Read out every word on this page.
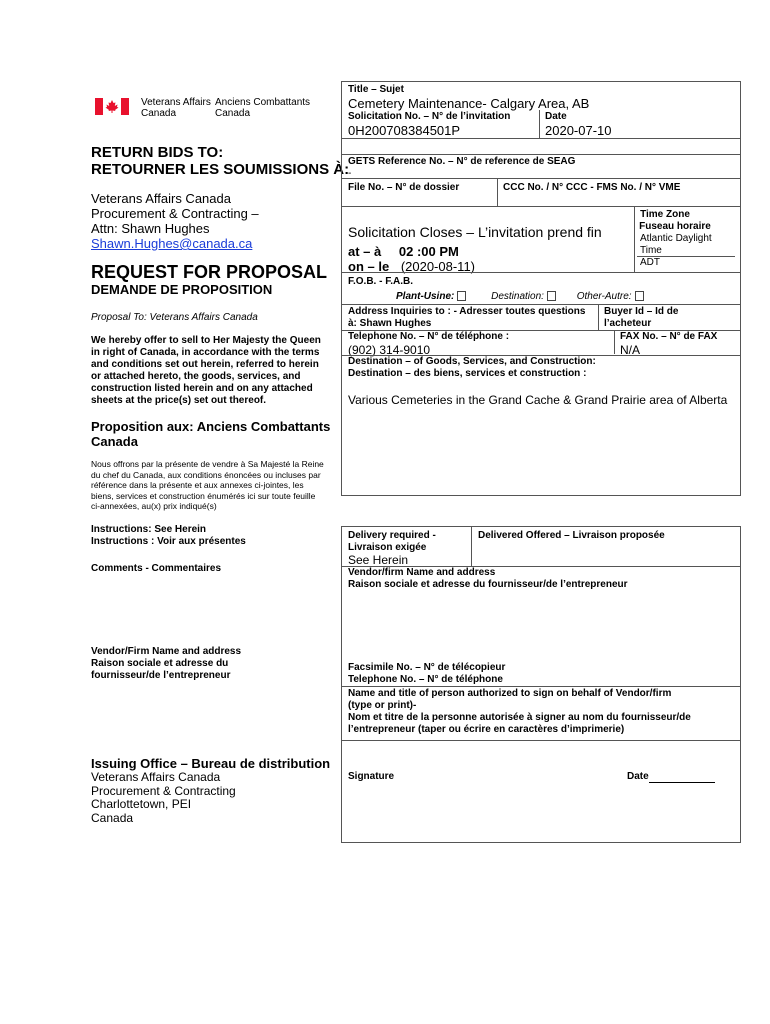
Veterans Affairs
Canada
Anciens Combattants
Canada
RETURN BIDS TO:
RETOURNER LES SOUMISSIONS À:
Veterans Affairs Canada
Procurement & Contracting –
Attn: Shawn Hughes
Shawn.Hughes@canada.ca
REQUEST FOR PROPOSAL
DEMANDE DE PROPOSITION
Proposal To: Veterans Affairs Canada
We hereby offer to sell to Her Majesty the Queen in right of Canada, in accordance with the terms and conditions set out herein, referred to herein or attached hereto, the goods, services, and construction listed herein and on any attached sheets at the price(s) set out thereof.
Proposition aux: Anciens Combattants Canada
Nous offrons par la présente de vendre à Sa Majesté la Reine du chef du Canada, aux conditions énoncées ou incluses par référence dans la présente et aux annexes ci-jointes, les biens, services et construction énumérés ici sur toute feuille ci-annexées, au(x) prix indiqué(s)
Instructions: See Herein
Instructions : Voir aux présentes
Comments - Commentaires
Vendor/Firm Name and address
Raison sociale et adresse du
fournisseur/de l’entrepreneur
Issuing Office – Bureau de distribution
Veterans Affairs Canada
Procurement & Contracting
Charlottetown, PEI
Canada
Title – Sujet
Cemetery Maintenance- Calgary Area, AB
Solicitation No. – N° de l’invitation	Date
0H200708384501P	2020-07-10
GETS Reference No. – N° de reference de SEAG
-
File No. – N° de dossier	CCC No. / N° CCC - FMS No. / N° VME
Solicitation Closes – L’invitation prend fin
at – à 02 :00 PM
on – le (2020-08-11)
Time Zone
Fuseau horaire
Atlantic Daylight
Time
ADT
F.O.B. - F.A.B.
Plant-Usine:	Destination:	Other-Autre:
Address Inquiries to : - Adresser toutes questions
à: Shawn Hughes
Buyer Id – Id de
l’acheteur
Telephone No. – N° de téléphone :
(902) 314-9010
FAX No. – N° de FAX
N/A
Destination – of Goods, Services, and Construction:
Destination – des biens, services et construction :
Various Cemeteries in the Grand Cache & Grand Prairie area of Alberta
Delivery required -
Livraison exigée
See Herein
Delivered Offered – Livraison proposée
Vendor/firm Name and address
Raison sociale et adresse du fournisseur/de l’entrepreneur
Facsimile No. – N° de télécopieur
Telephone No. – N° de téléphone
Name and title of person authorized to sign on behalf of Vendor/firm
(type or print)-
Nom et titre de la personne autorisée à signer au nom du fournisseur/de
l’entrepreneur (taper ou écrire en caractères d’imprimerie)
Signature	Date
